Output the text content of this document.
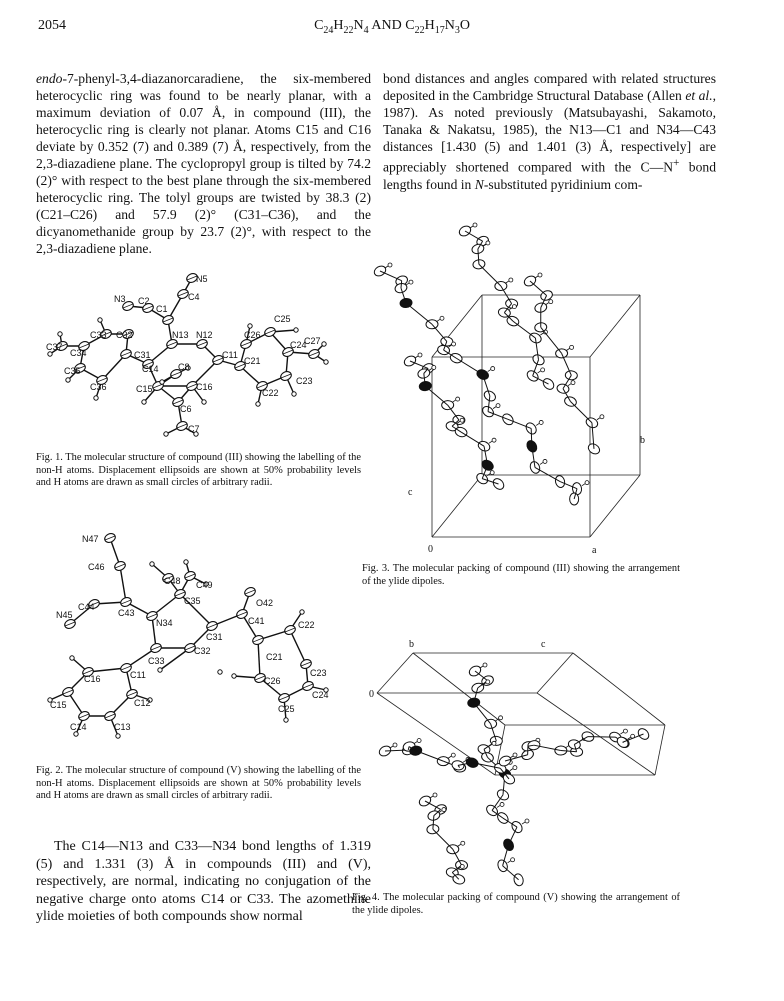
2054	$C_{24}H_{22}N_4$ AND $C_{22}H_{17}N_3O$

endo-7-phenyl-3,4-diazanorcaradiene, the six-membered heterocyclic ring was found to be nearly planar, with a maximum deviation of 0.07 Å, in compound (III), the heterocyclic ring is clearly not planar. Atoms C15 and C16 deviate by 0.352 (7) and 0.389 (7) Å, respectively, from the 2,3-diazadiene plane. The cyclopropyl group is tilted by 74.2 (2)° with respect to the best plane through the six-membered heterocyclic ring. The tolyl groups are twisted by 38.3 (2) (C21–C26) and 57.9 (2)° (C31–C36), and the dicyanomethanide group by 23.7 (2)°, with respect to the 2,3-diazadiene plane.

bond distances and angles compared with related structures deposited in the Cambridge Structural Database (Allen et al., 1987). As noted previously (Matsubayashi, Sakamoto, Tanaka & Nakatsu, 1985), the N13—C1 and N34—C43 distances [1.430 (5) and 1.401 (3) Å, respectively] are appreciably shortened compared with the C—N+ bond lengths found in N-substituted pyridinium com-

N5
C4
N3 C2
C1
C33 C32	N13 N12	C26
C25
C37
C34	C31	C11
C24
C27
C8
C21
C14
C35
C36	C15	C16
C23
C22
C6
C7
Fig. 1. The molecular structure of compound (III) showing the labelling of the non-H atoms. Displacement ellipsoids are shown at 50% probability levels and H atoms are drawn as small circles of arbitrary radii.
N47
C46
C48 C49
C35	O42
C44
N45	C43
N34	C41
C31
C22
C33
C32
C21
C16	C11
C26
C23
C24
C25
C15	C12
C14	C13
Fig. 2. The molecular structure of compound (V) showing the labelling of the non-H atoms. Displacement ellipsoids are shown at 50% probability levels and H atoms are drawn as small circles of arbitrary radii.

The C14—N13 and C33—N34 bond lengths of 1.319 (5) and 1.331 (3) Å in compounds (III) and (V), respectively, are normal, indicating no conjugation of the negative charge onto atoms C14 or C33. The azomethine ylide moieties of both compounds show normal

0	a
b
c
Fig. 3. The molecular packing of compound (III) showing the arrangement of the ylide dipoles.
0
b	c
Fig. 4. The molecular packing of compound (V) showing the arrangement of the ylide dipoles.
